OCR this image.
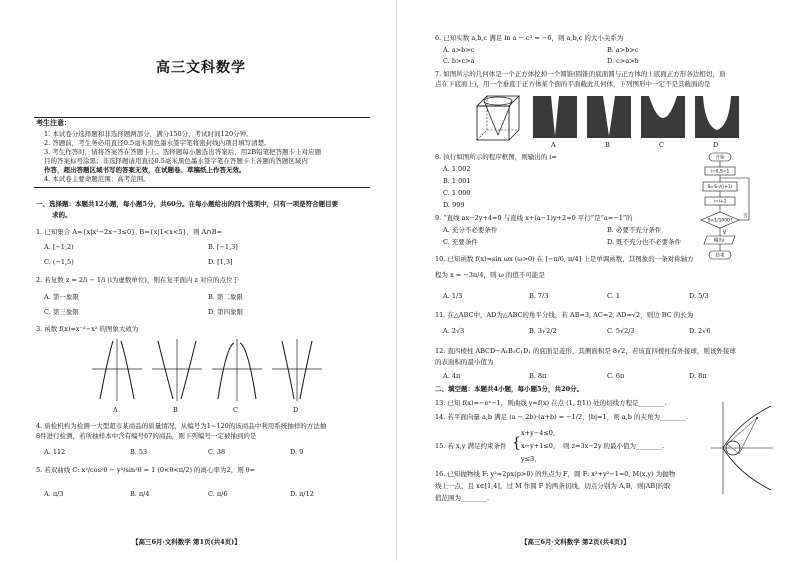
高三文科数学
考生注意：
1. 本试卷分选择题和非选择题两部分，满分150分，考试时间120分钟。
2. 答题前，考生务必用直径0.5毫米黑色墨水签字笔将密封线内项目填写清楚。
3. 考生作答时，请将答案答在答题卡上。选择题每小题选出答案后，用2B铅笔把答题卡上对应题
目的答案标号涂黑；非选择题请用直径0.5毫米黑色墨水签字笔在答题卡上各题的答题区域内
作答，超出答题区域书写的答案无效，在试题卷、草稿纸上作答无效。
4. 本试卷主要命题范围：高考范围。
一、选择题：本题共12小题，每小题5分，共60分。在每小题给出的四个选项中，只有一项是符合题目要
求的。
1. 已知集合 A={x|x²−2x−3≤0}, B={x|1<x<5}，则 A∩B=
A. [−1,2)	B. [−1,3]
C. (−1,5)	D. [1,3]
2. 若复数 z = 2/i − 1/i (i为虚数单位)，则在复平面内 z 对应的点位于
A. 第一象限	B. 第二象限
C. 第三象限	D. 第四象限
3. 函数 f(x)=x⁻²−x² 的图象大致为
A	B	C	D
4. 质检机构为检测一大型超市某商品的质量情况，从编号为1~120的该商品中利用系统抽样的方法抽
8件进行检测，若所抽样本中含有编号67的商品，则下列编号一定被抽到的是
A. 112	B. 53	C. 38	D. 9
5. 若双曲线 C: x²/cos²θ − y²/sin²θ = 1 (0<θ<π/2) 的离心率为2，则 θ=
A. π/3	B. π/4	C. π/6	D. π/12
【高三6月·文科数学 第1页(共4页)】
6. 已知实数 a,b,c 满足 ln a − c³ = −6，则 a,b,c 的大小关系为
A. a>b>c	B. a>b>c
C. b>c>a	D. c>a>b
7. 如图所示的几何体是一个正方体挖掉一个圆锥(圆锥的底面圆与正方体的上底面正方形各边相切，顶
点在下底面上)，用一个垂直于正方体某个面的平面截此几何体，下列图形中一定不是其截面的是
A	B	C	D
8. 执行如图所示的程序框图，则输出的 i=
A. 1 002
B. 1 001
C. 1 000
D. 999
开始
i=0,S=1
S=S·i/(i+1)
i=i+1
S<1/1000?
否
是
输出i
结束
9. “直线 ax−2y+4=0 与直线 x+(a−1)y+2=0 平行”是“a=−1”的
A. 充分不必要条件	B. 必要不充分条件
C. 充要条件	D. 既不充分也不必要条件
10. 已知函数 f(x)=sin ωx (ω>0) 在 [−π/6, π/4] 上是单调函数，其图象的一条对称轴方
程为 x = −3π/4，则 ω 的值不可能是
A. 1/3	B. 7/3	C. 1	D. 5/3
11. 在△ABC中，AD为△ABC的角平分线，若 AB=3, AC=2, AD=√2，则边 BC 的长为
A. 2√3	B. 3√2/2	C. 5√2/3	D. 2√6
12. 直四棱柱 ABCD−A₁B₁C₁D₁ 的底面是菱形，其侧面积是 8√2，若该直四棱柱有外接球，则该外接球
的表面积的最小值为
A. 4π	B. 8π	C. 6π	D. 8π
二、填空题：本题共4小题，每小题5分，共20分。
13. 已知 f(x)=−eˣ−1，则曲线 y=f(x) 在点 (1, f(1)) 处的切线方程是________.
14. 若平面向量 a,b 满足 (a − 2b)·(a+b) = −1/2，|b|=1，则 a,b 的夹角为________.
15. 若 x,y 满足约束条件 {
x+y−4≤0,
x−y+1≤0,
y≤3,
则 z=3x−2y 的最小值为________.
16. 已知抛物线 F: y²=2px(p>0) 的焦点为 F，圆 F: x²+y²−1=0, M(x,y) 为抛物
线上一点，且 x∈[1,4]，过 M 作圆 F 的两条切线，切点分别为 A,B，则|AB|的取
值范围为________.
【高三6月·文科数学 第2页(共4页)】
